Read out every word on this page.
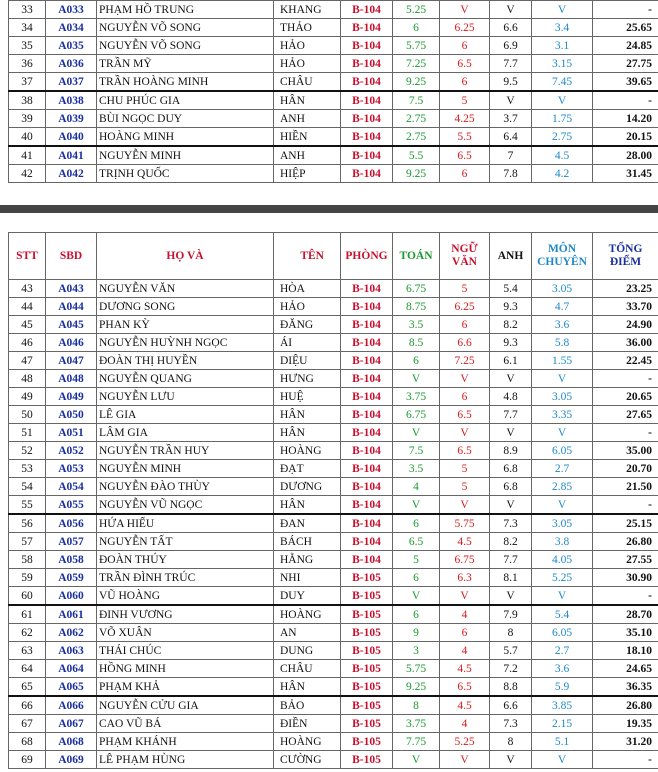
33	A033	PHẠM HỒ TRUNG	KHANG	B-104	5.25	V	V	V	-
34	A034	NGUYỄN VÕ SONG	THẢO	B-104	6	6.25	6.6	3.4	25.65
35	A035	NGUYỄN VÕ SONG	HẢO	B-104	5.75	6	6.9	3.1	24.85
36	A036	TRẦN MỸ	HẢO	B-104	7.25	6.5	7.7	3.15	27.75
37	A037	TRẦN HOÀNG MINH	CHÂU	B-104	9.25	6	9.5	7.45	39.65
38	A038	CHU PHÚC GIA	HÂN	B-104	7.5	5	V	V	-
39	A039	BÙI NGỌC DUY	ANH	B-104	2.75	4.25	3.7	1.75	14.20
40	A040	HOÀNG MINH	HIỀN	B-104	2.75	5.5	6.4	2.75	20.15
41	A041	NGUYỄN MINH	ANH	B-104	5.5	6.5	7	4.5	28.00
42	A042	TRỊNH QUỐC	HIỆP	B-104	9.25	6	7.8	4.2	31.45
STT	SBD	HỌ VÀ	TÊN	PHÒNG	TOÁN	NGỮ VĂN	ANH	MÔN CHUYÊN	TỔNG ĐIỂM
43	A043	NGUYỄN VĂN	HÒA	B-104	6.75	5	5.4	3.05	23.25
44	A044	DƯƠNG SONG	HẢO	B-104	8.75	6.25	9.3	4.7	33.70
45	A045	PHAN KỲ	ĐĂNG	B-104	3.5	6	8.2	3.6	24.90
46	A046	NGUYỄN HUỲNH NGỌC	ÁI	B-104	8.5	6.6	9.3	5.8	36.00
47	A047	ĐOÀN THỊ HUYỀN	DIỆU	B-104	6	7.25	6.1	1.55	22.45
48	A048	NGUYỄN QUANG	HƯNG	B-104	V	V	V	V	-
49	A049	NGUYỄN LƯU	HUỆ	B-104	3.75	6	4.8	3.05	20.65
50	A050	LÊ GIA	HÂN	B-104	6.75	6.5	7.7	3.35	27.65
51	A051	LÂM GIA	HÂN	B-104	V	V	V	V	-
52	A052	NGUYỄN TRẦN HUY	HOÀNG	B-104	7.5	6.5	8.9	6.05	35.00
53	A053	NGUYỄN MINH	ĐẠT	B-104	3.5	5	6.8	2.7	20.70
54	A054	NGUYỄN ĐÀO THÙY	DƯƠNG	B-104	4	5	6.8	2.85	21.50
55	A055	NGUYỄN VŨ NGỌC	HÂN	B-104	V	V	V	V	-
56	A056	HỨA HIẾU	ĐAN	B-104	6	5.75	7.3	3.05	25.15
57	A057	NGUYỄN TẤT	BÁCH	B-104	6.5	4.5	8.2	3.8	26.80
58	A058	ĐOÀN THÚY	HẰNG	B-104	5	6.75	7.7	4.05	27.55
59	A059	TRẦN ĐÌNH TRÚC	NHI	B-105	6	6.3	8.1	5.25	30.90
60	A060	VŨ HOÀNG	DUY	B-105	V	V	V	V	-
61	A061	ĐINH VƯƠNG	HOÀNG	B-105	6	4	7.9	5.4	28.70
62	A062	VÕ XUÂN	AN	B-105	9	6	8	6.05	35.10
63	A063	THÁI CHÚC	DUNG	B-105	3	4	5.7	2.7	18.10
64	A064	HỒNG MINH	CHÂU	B-105	5.75	4.5	7.2	3.6	24.65
65	A065	PHẠM KHẢ	HÂN	B-105	9.25	6.5	8.8	5.9	36.35
66	A066	NGUYỄN CỬU GIA	BẢO	B-105	8	4.5	6.6	3.85	26.80
67	A067	CAO VŨ BÁ	ĐIỀN	B-105	3.75	4	7.3	2.15	19.35
68	A068	PHẠM KHÁNH	HOÀNG	B-105	7.75	5.25	8	5.1	31.20
69	A069	LÊ PHẠM HÙNG	CƯỜNG	B-105	V	V	V	V	-
